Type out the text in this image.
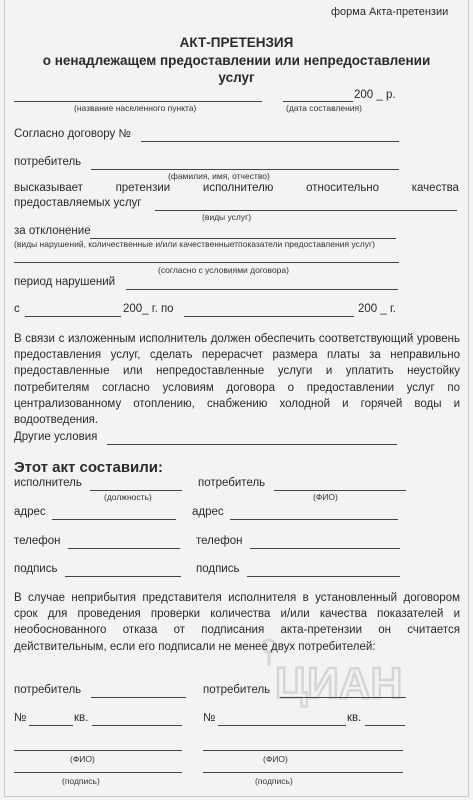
форма Акта-претензии
АКТ-ПРЕТЕНЗИЯ
о ненадлежащем предоставлении или непредоставлении
услуг
200 _ р.
(название населенного пункта)	(дата составления)
Согласно договору №
потребитель
(фамилия, имя, отчество)
высказывает	претензии	исполнителю	относительно	качества
предоставляемых услуг
(виды услуг)
за отклонение
(виды нарушений, количественные и/или качественныетпоказатели предоставления услуг)
(согласно с условиями договора)
период нарушений
с	200_ г. по	200 _ г.
В связи с изложенным исполнитель должен обеспечить соответствующий уровень предоставления услуг, сделать перерасчет размера платы за неправильно предоставленные или непредоставленные услуги и уплатить неустойку потребителям согласно условиям договора о предоставлении услуг по централизованному отоплению, снабжению холодной и горячей воды и водоотведения.
Другие условия
Этот акт составили:
исполнитель	потребитель
(должность)	(ФИО)
адрес	адрес
телефон	телефон
подпись	подпись
В случае неприбытия представителя исполнителя в установленный договором срок для проведения проверки количества и/или качества показателей и необоснованного отказа от подписания акта-претензии он считается действительным, если его подписали не менее двух потребителей:
потребитель	потребитель
№	кв.	№	кв.
(ФИО)	(ФИО)
(подпись)	(подпись)
ЦИАН
